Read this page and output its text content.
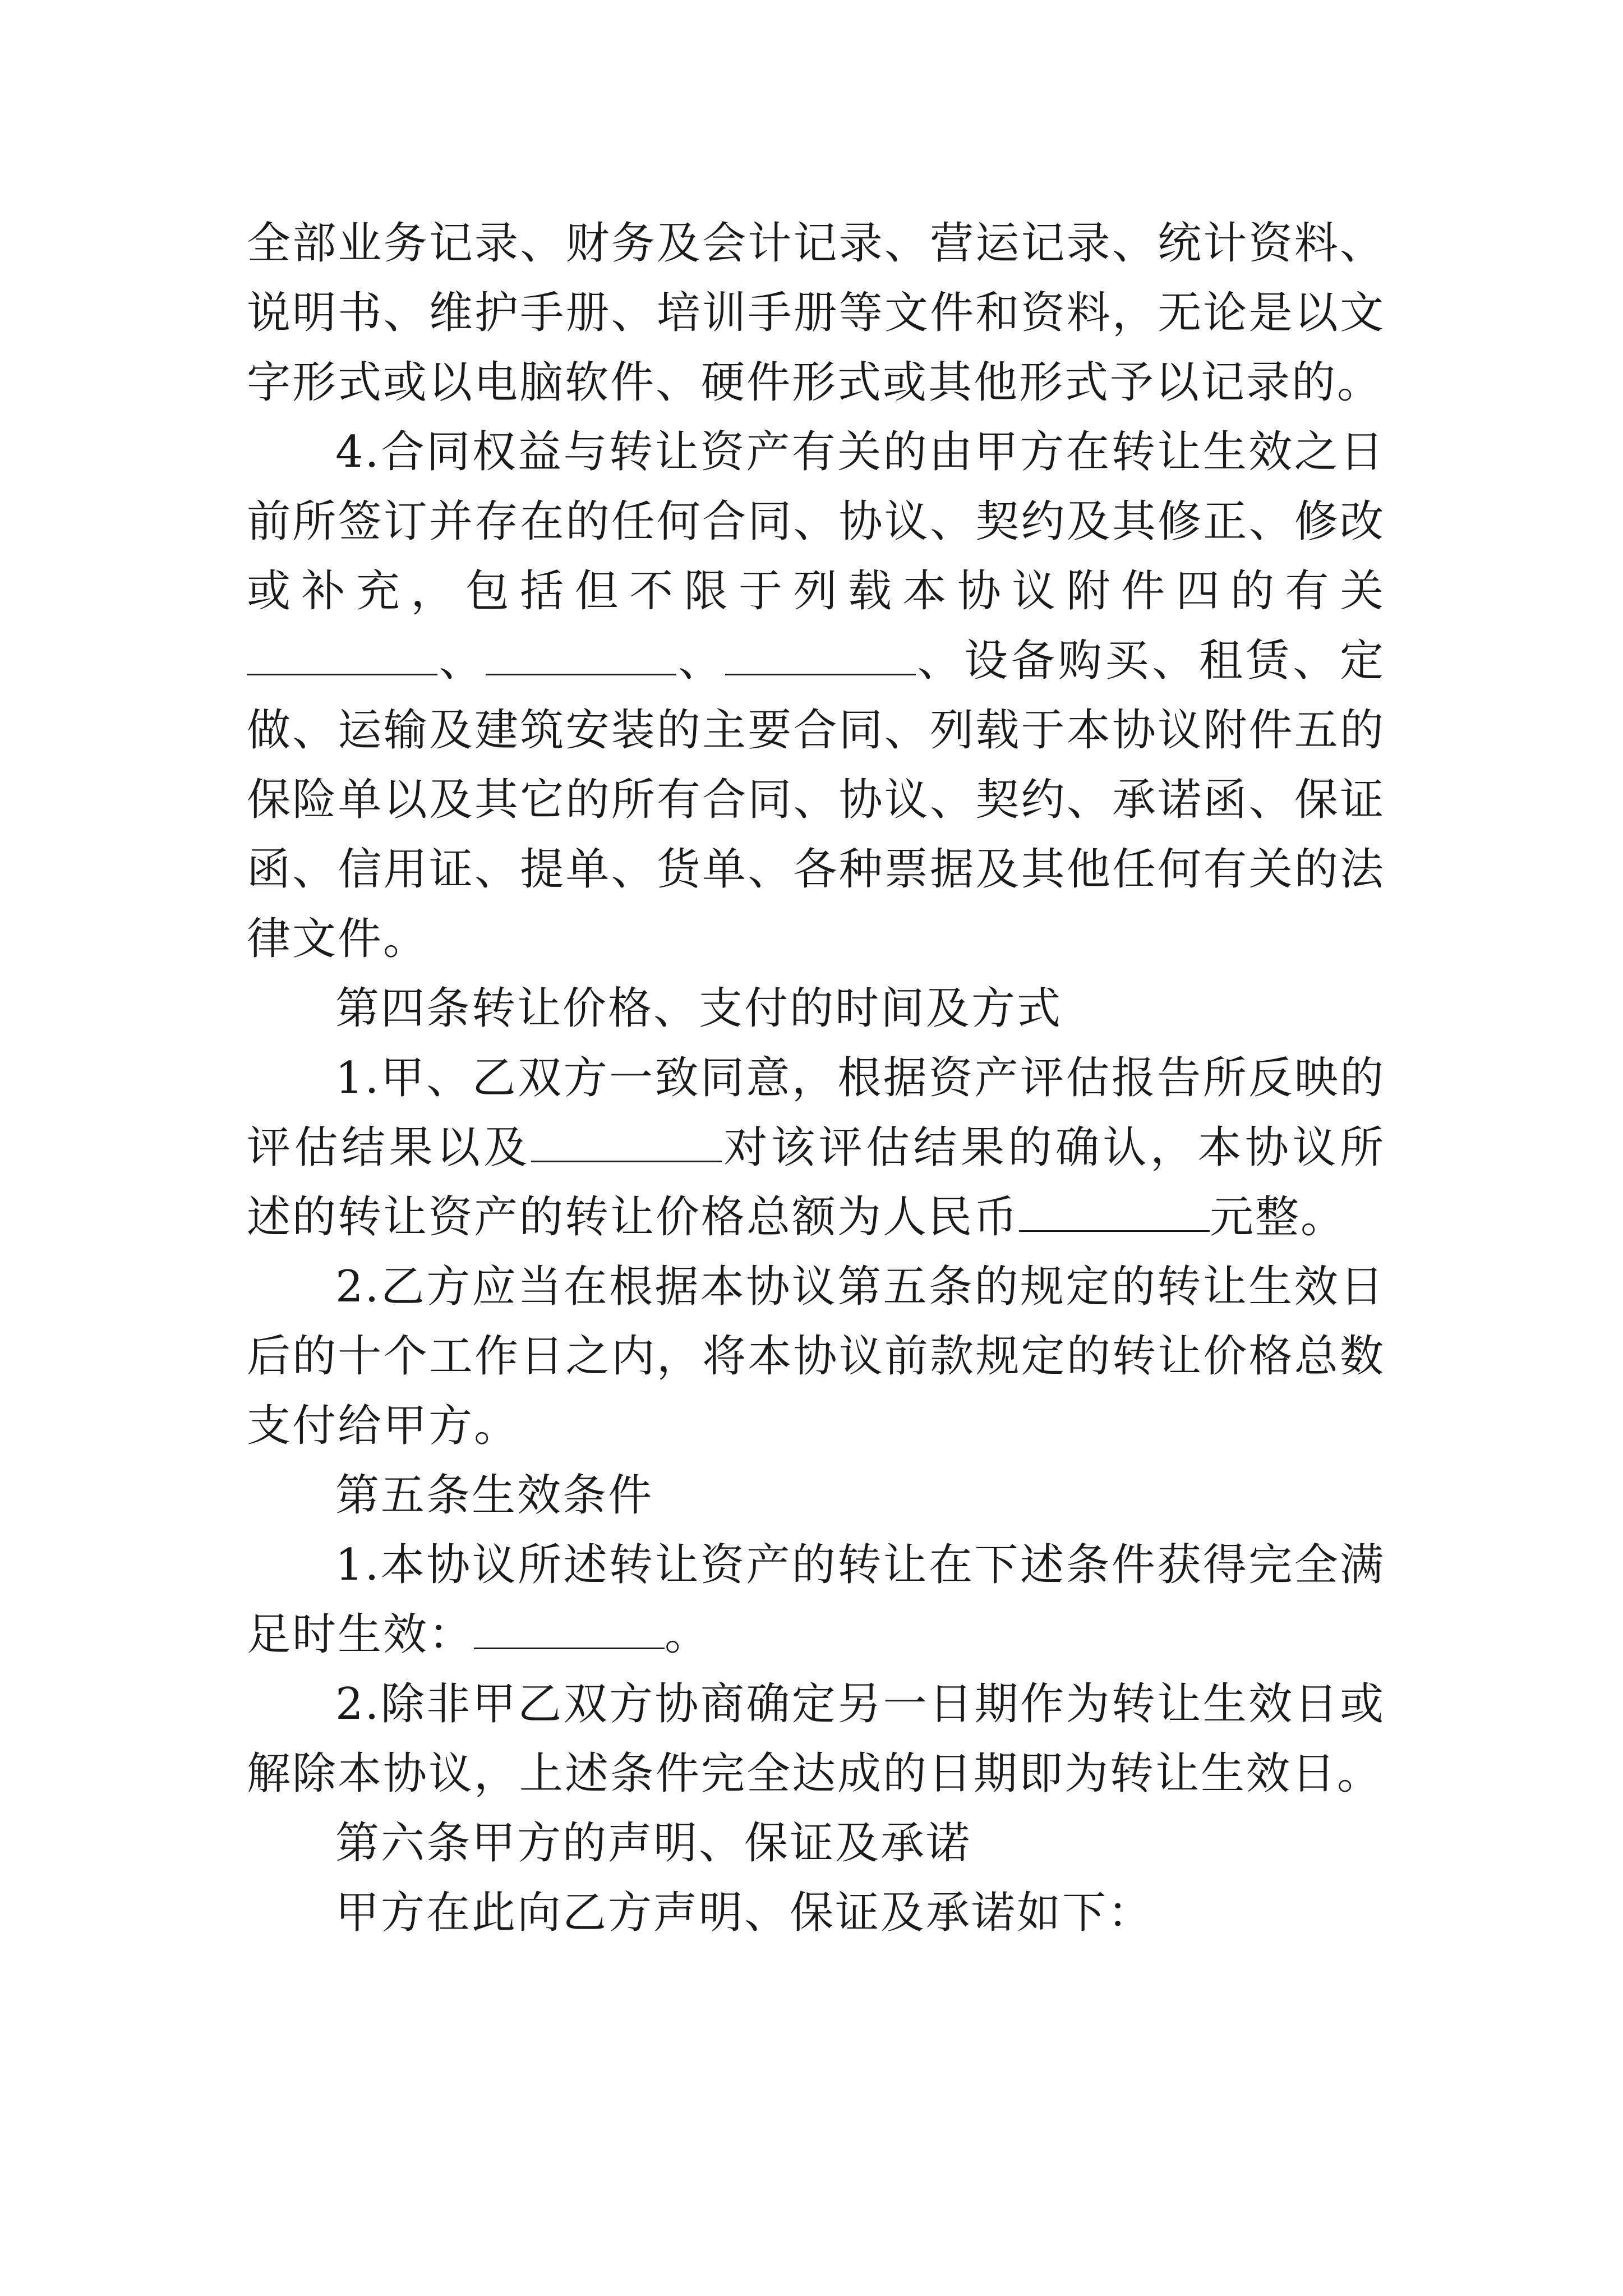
全部业务记录、财务及会计记录、营运记录、统计资料、说明书、维护手册、培训手册等文件和资料，无论是以文字形式或以电脑软件、硬件形式或其他形式予以记录的。

4.合同权益与转让资产有关的由甲方在转让生效之日前所签订并存在的任何合同、协议、契约及其修正、修改或补充，包括但不限于列载本协议附件四的有关、	、	、设备购买、租赁、定做、运输及建筑安装的主要合同、列载于本协议附件五的保险单以及其它的所有合同、协议、契约、承诺函、保证函、信用证、提单、货单、各种票据及其他任何有关的法律文件。

第四条转让价格、支付的时间及方式

1.甲、乙双方一致同意，根据资产评估报告所反映的评估结果以及	对该评估结果的确认，本协议所述的转让资产的转让价格总额为人民币	元整。

2.乙方应当在根据本协议第五条的规定的转让生效日后的十个工作日之内，将本协议前款规定的转让价格总数支付给甲方。

第五条生效条件

1.本协议所述转让资产的转让在下述条件获得完全满足时生效：	。

2.除非甲乙双方协商确定另一日期作为转让生效日或解除本协议，上述条件完全达成的日期即为转让生效日。

第六条甲方的声明、保证及承诺

甲方在此向乙方声明、保证及承诺如下：
